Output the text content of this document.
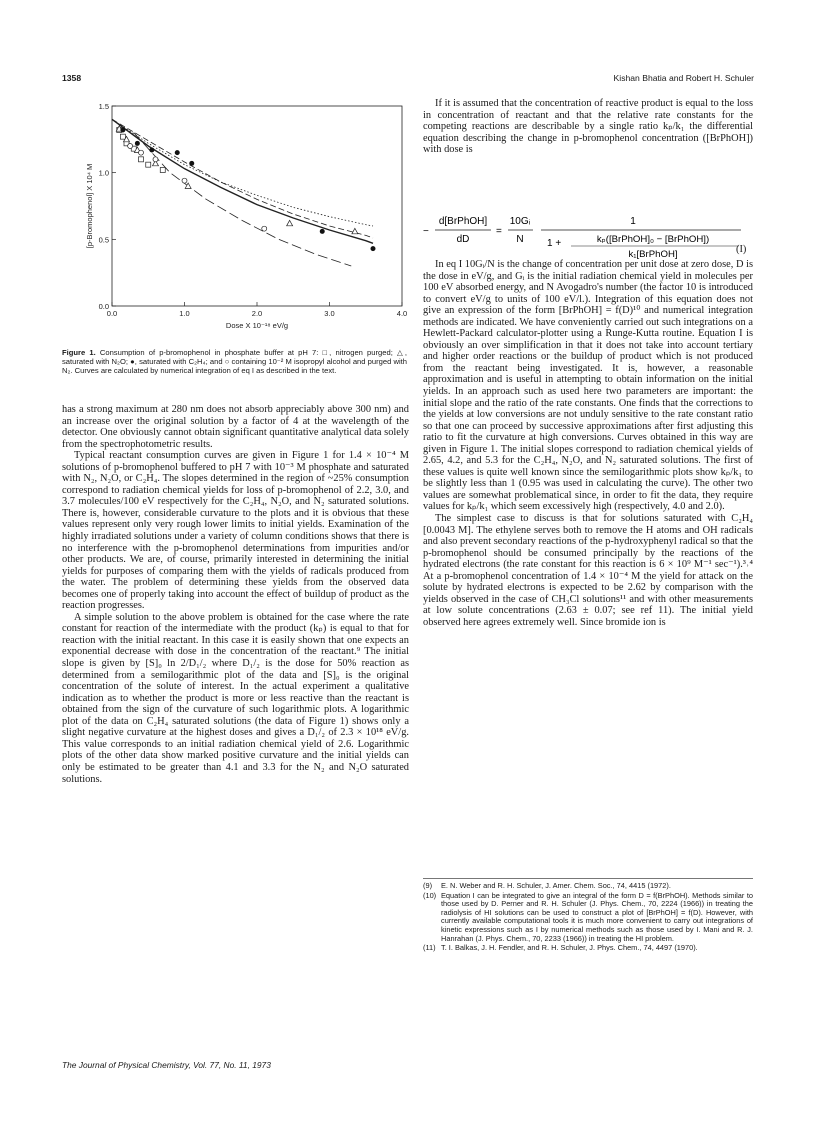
1358	Kishan Bhatia and Robert H. Schuler
0.0	1.0	2.0	3.0	4.0
0.0
0.5
1.0
1.5
Dose X 10⁻¹⁸ eV/g
[p-Bromophenol] X 10⁴ M
Figure 1. Consumption of p-bromophenol in phosphate buffer at pH 7: □, nitrogen purged; △, saturated with N₂O; ●, saturated with C₂H₄; and ○ containing 10⁻² M isopropyl alcohol and purged with N₂. Curves are calculated by numerical integration of eq I as described in the text.

has a strong maximum at 280 nm does not absorb appreciably above 300 nm) and an increase over the original solution by a factor of 4 at the wavelength of the detector. One obviously cannot obtain significant quantitative analytical data solely from the spectrophotometric results.

Typical reactant consumption curves are given in Figure 1 for 1.4 × 10⁻⁴ M solutions of p-bromophenol buffered to pH 7 with 10⁻³ M phosphate and saturated with N₂, N₂O, or C₂H₄. The slopes determined in the region of ~25% consumption correspond to radiation chemical yields for loss of p-bromophenol of 2.2, 3.0, and 3.7 molecules/100 eV respectively for the C₂H₄, N₂O, and N₂ saturated solutions. There is, however, considerable curvature to the plots and it is obvious that these values represent only very rough lower limits to initial yields. Examination of the highly irradiated solutions under a variety of column conditions shows that there is no interference with the p-bromophenol determinations from impurities and/or other products. We are, of course, primarily interested in determining the initial yields for purposes of comparing them with the yields of radicals produced from the water. The problem of determining these yields from the observed data becomes one of properly taking into account the effect of buildup of product as the reaction progresses.

A simple solution to the above problem is obtained for the case where the rate constant for reaction of the intermediate with the product (kₚ) is equal to that for reaction with the initial reactant. In this case it is easily shown that one expects an exponential decrease with dose in the concentration of the reactant.⁹ The initial slope is given by [S]₀ ln 2/D₁/₂ where D₁/₂ is the dose for 50% reaction as determined from a semilogarithmic plot of the data and [S]₀ is the original concentration of the solute of interest. In the actual experiment a qualitative indication as to whether the product is more or less reactive than the reactant is obtained from the sign of the curvature of such logarithmic plots. A logarithmic plot of the data on C₂H₄ saturated solutions (the data of Figure 1) shows only a slight negative curvature at the highest doses and gives a D₁/₂ of 2.3 × 10¹⁸ eV/g. This value corresponds to an initial radiation chemical yield of 2.6. Logarithmic plots of the other data show marked positive curvature and the initial yields can only be estimated to be greater than 4.1 and 3.3 for the N₂ and N₂O saturated solutions.

If it is assumed that the concentration of reactive product is equal to the loss in concentration of reactant and that the relative rate constants for the competing reactions are describable by a single ratio kₚ/k₁ the differential equation describing the change in p-bromophenol concentration ([BrPhOH]) with dose is

−
d[BrPhOH]
dD
=
10Gᵢ
N
1
1 +	kₚ([BrPhOH]₀ − [BrPhOH])
k₁[BrPhOH]	(I)

In eq I 10Gᵢ/N is the change of concentration per unit dose at zero dose, D is the dose in eV/g, and Gᵢ is the initial radiation chemical yield in molecules per 100 eV absorbed energy, and N Avogadro's number (the factor 10 is introduced to convert eV/g to units of 100 eV/l.). Integration of this equation does not give an expression of the form [BrPhOH] = f(D)¹⁰ and numerical integration methods are indicated. We have conveniently carried out such integrations on a Hewlett-Packard calculator-plotter using a Runge-Kutta routine. Equation I is obviously an over simplification in that it does not take into account tertiary and higher order reactions or the buildup of product which is not produced from the reactant being investigated. It is, however, a reasonable approximation and is useful in attempting to obtain information on the initial yields. In an approach such as used here two parameters are important: the initial slope and the ratio of the rate constants. One finds that the corrections to the yields at low conversions are not unduly sensitive to the rate constant ratio so that one can proceed by successive approximations after first adjusting this ratio to fit the curvature at high conversions. Curves obtained in this way are given in Figure 1. The initial slopes correspond to radiation chemical yields of 2.65, 4.2, and 5.3 for the C₂H₄, N₂O, and N₂ saturated solutions. The first of these values is quite well known since the semilogarithmic plots show kₚ/k₁ to be slightly less than 1 (0.95 was used in calculating the curve). The other two values are somewhat problematical since, in order to fit the data, they require values for kₚ/k₁ which seem excessively high (respectively, 4.0 and 2.0).

The simplest case to discuss is that for solutions saturated with C₂H₄ [0.0043 M]. The ethylene serves both to remove the H atoms and OH radicals and also prevent secondary reactions of the p-hydroxyphenyl radical so that the p-bromophenol should be consumed principally by the reactions of the hydrated electrons (the rate constant for this reaction is 6 × 10⁹ M⁻¹ sec⁻¹).³˒⁴ At a p-bromophenol concentration of 1.4 × 10⁻⁴ M the yield for attack on the solute by hydrated electrons is expected to be 2.62 by comparison with the yields observed in the case of CH₃Cl solutions¹¹ and with other measurements at low solute concentrations (2.63 ± 0.07; see ref 11). The initial yield observed here agrees extremely well. Since bromide ion is

(9)	E. N. Weber and R. H. Schuler, J. Amer. Chem. Soc., 74, 4415 (1972).
(10) Equation I can be integrated to give an integral of the form D = f(BrPhOH). Methods similar to those used by D. Perner and R. H. Schuler (J. Phys. Chem., 70, 2224 (1966)) in treating the radiolysis of HI solutions can be used to construct a plot of [BrPhOH] = f(D). However, with currently available computational tools it is much more convenient to carry out integrations of kinetic expressions such as I by numerical methods such as those used by I. Mani and R. J. Hanrahan (J. Phys. Chem., 70, 2233 (1966)) in treating the HI problem.
(11) T. I. Balkas, J. H. Fendler, and R. H. Schuler, J. Phys. Chem., 74, 4497 (1970).
The Journal of Physical Chemistry, Vol. 77, No. 11, 1973
